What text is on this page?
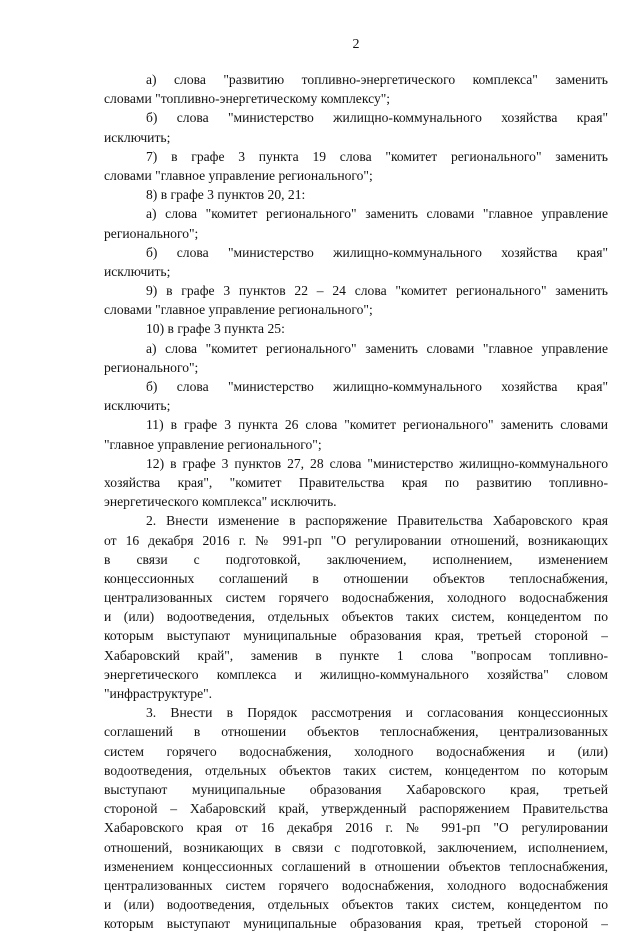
2
а) слова "развитию топливно-энергетического комплекса" заменить
словами "топливно-энергетическому комплексу";
б) слова "министерство жилищно-коммунального хозяйства края"
исключить;
7) в графе 3 пункта 19 слова "комитет регионального" заменить
словами "главное управление регионального";
8) в графе 3 пунктов 20, 21:
а) слова "комитет регионального" заменить словами "главное управление
регионального";
б) слова "министерство жилищно-коммунального хозяйства края"
исключить;
9) в графе 3 пунктов 22 – 24 слова "комитет регионального" заменить
словами "главное управление регионального";
10) в графе 3 пункта 25:
а) слова "комитет регионального" заменить словами "главное управление
регионального";
б) слова "министерство жилищно-коммунального хозяйства края"
исключить;
11) в графе 3 пункта 26 слова "комитет регионального" заменить словами
"главное управление регионального";
12) в графе 3 пунктов 27, 28 слова "министерство жилищно-коммунального
хозяйства края", "комитет Правительства края по развитию топливно-
энергетического комплекса" исключить.
2. Внести изменение в распоряжение Правительства Хабаровского края
от 16 декабря 2016 г. № 991-рп "О регулировании отношений, возникающих
в связи с подготовкой, заключением, исполнением, изменением
концессионных соглашений в отношении объектов теплоснабжения,
централизованных систем горячего водоснабжения, холодного водоснабжения
и (или) водоотведения, отдельных объектов таких систем, концедентом по
которым выступают муниципальные образования края, третьей стороной –
Хабаровский край", заменив в пункте 1 слова "вопросам топливно-
энергетического комплекса и жилищно-коммунального хозяйства" словом
"инфраструктуре".
3. Внести в Порядок рассмотрения и согласования концессионных
соглашений в отношении объектов теплоснабжения, централизованных
систем горячего водоснабжения, холодного водоснабжения и (или)
водоотведения, отдельных объектов таких систем, концедентом по которым
выступают муниципальные образования Хабаровского края, третьей
стороной – Хабаровский край, утвержденный распоряжением Правительства
Хабаровского края от 16 декабря 2016 г. № 991-рп "О регулировании
отношений, возникающих в связи с подготовкой, заключением, исполнением,
изменением концессионных соглашений в отношении объектов теплоснабжения,
централизованных систем горячего водоснабжения, холодного водоснабжения
и (или) водоотведения, отдельных объектов таких систем, концедентом по
которым выступают муниципальные образования края, третьей стороной –
